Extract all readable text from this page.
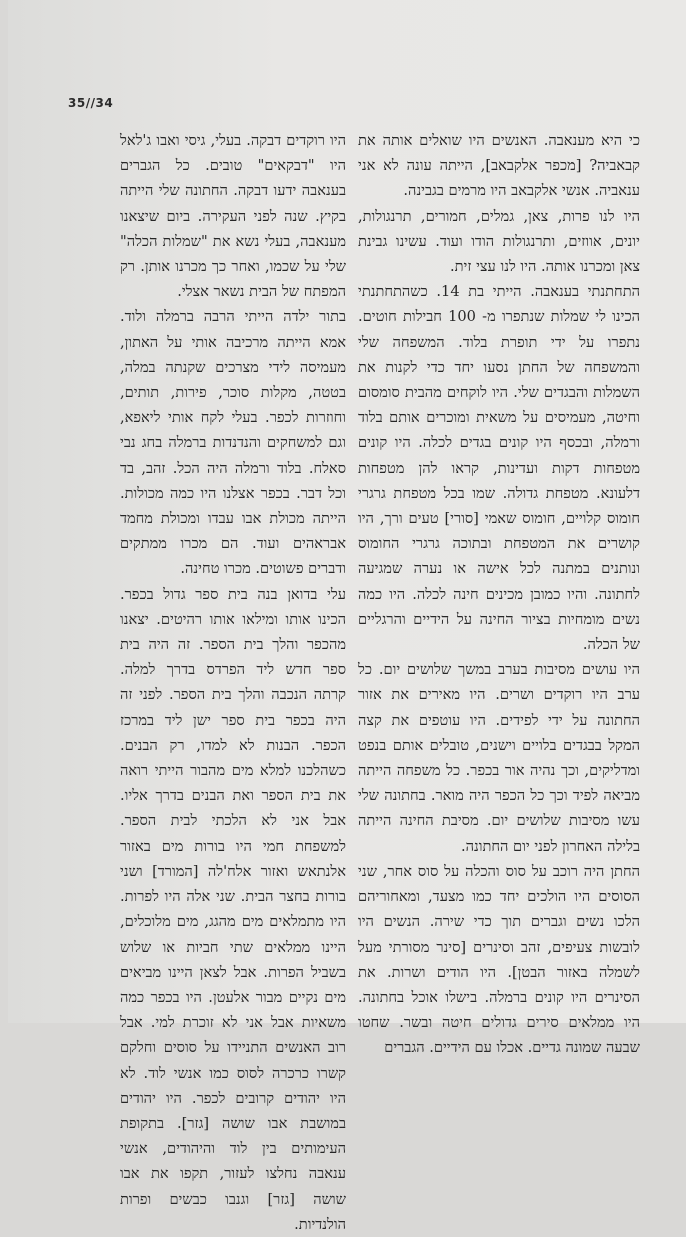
35//34

כי היא מענאבה. האנשים היו שואלים אותה את קבאביה? [מכפר אלקבאב], הייתה עונה לא אני ענאביה. אנשי אלקבאב היו מרמים בגבינה.

היו לנו פרות, צאן, גמלים, חמורים, תרנגולות, יונים, אווזים, ותרנגולות הודו ועוד. עשינו גבינת צאן ומכרנו אותה. היו לנו עצי זית.

התחתנתי בענאבה. הייתי בת 14. כשהתחתנתי הכינו לי שמלות שנתפרו מ- 100 חבילות חוטים. נתפרו על ידי תופרת בלוד. המשפחה שלי והמשפחה של החתן נסעו יחד כדי לקנות את השמלות והבגדים שלי. היו לוקחים מהבית סומסום וחיטה, מעמיסים על משאית ומוכרים אותם בלוד ורמלה, ובכסף היו קונים בגדים לכלה. היו קונים מטפחות דקות ועדינות, קראו להן מטפחות דלעונא. מטפחת גדולה. שמו בכל מטפחת גרגרי חומוס קלויים, חומוס שאמי [סורי] טעים ורך, היו קושרים את המטפחת ובתוכה גרגרי החומוס ונותנים במתנה לכל אישה או נערה שמגיעה לחתונה. והיו כמובן מכינים חינה לכלה. היו כמה נשים מומחיות בציור החינה על הידיים והרגליים של הכלה.

היו עושים מסיבות בערב במשך שלושים יום. כל ערב היו רוקדים ושרים. היו מאירים את אזור החתונה על ידי לפידים. היו עוטפים את קצה המקל בבגדים בלויים וישנים, טובלים אותם בנפט ומדליקים, וכך נהיה אור בכפר. כל משפחה הייתה מביאה לפיד וכך כל הכפר היה מואר. בחתונה שלי עשו מסיבות שלושים יום. מסיבת החינה הייתה בלילה האחרון לפני יום החתונה.

החתן היה רוכב על סוס והכלה על סוס אחר, שני הסוסים היו הולכים יחד כמו מצעד, ומאחוריהם הלכו נשים וגברים תוך כדי שירה. הנשים היו לובשות צעיפים, זהב וסינרים [סינר מסורתי מעל לשמלה באזור הבטן]. היו הודים ושרות. את הסינרים היו קונים ברמלה. בישלו אוכל בחתונה. היו ממלאים סירים גדולים חיטה ובשר. שחטו שבעה שמונה גדיים. אכלו עם הידיים. הגברים

היו רוקדים דבקה. בעלי, גיסי ואבו ג'לאל היו "דבקאים" טובים. כל הגברים בענאבה ידעו דבקה. החתונה שלי הייתה בקיץ. שנה לפני העקירה. ביום שיצאנו מענאבה, בעלי נשא את "שמלות הכלה" שלי על שכמו, ואחר כך מכרנו אותן. רק המפתח של הבית נשאר אצלי.

בתור ילדה הייתי הרבה ברמלה ולוד. אמא הייתה מרכיבה אותי על האתון, מעמיסה לידי מצרכים שקנתה במלה, בטטה, מקלות סוכר, פירות, תותים, וחוזרות לכפר. בעלי לקח אותי ליאפא, וגם למשחקים והנדנדות ברמלה בחג נבי סאלח. בלוד ורמלה היה הכל. זהב, בד וכל דבר. בכפר אצלנו היו כמה מכולות. הייתה מכולת אבו עבדו ומכולת מחמד אבראהים ועוד. הם מכרו ממתקים ודברים פשוטים. מכרו טחינה.

עלי בדואן בנה בית ספר גדול בכפר. הכינו אותו ומילאו אותו רהיטים. יצאנו מהכפר והלך בית הספר. זה היה בית ספר חדש ליד הפרדס בדרך למלה. קרתה הנכבה והלך בית הספר. לפני זה היה בכפר בית ספר ישן ליד במרכז הכפר. הבנות לא למדו, רק הבנים. כשהלכנו למלא מים מהבור הייתי רואה את בית הספר ואת הבנים בדרך אליו. אבל אני לא הלכתי לבית הספר. למשפחת חמי היו בורות מים באזור אלנתאש ואזור אלח'לה [המורד] ושני בורות בחצר הבית. שני אלה היו לפרות. היו מתמלאים מים מהגג, מים מלוכלים, היינו ממלאים שתי חביות או שלוש בשביל הפרות. אבל לצאן היינו מביאים מים נקיים מבור אלעטן. היו בכפר כמה משאיות אבל אני לא זוכרת למי. אבל רוב האנשים התניידו על סוסים וחלקם קשרו כרכרה לסוס כמו אנשי לוד. לא היו יהודים קרובים לכפר. היו יהודים במושבת אבו שושה [גזר]. בתקופת העימותים בין לוד והיהודים, אנשי ענאבה נחלצו לעזור, תקפו את אבו שושה [גזר] וגנבו כבשים ופרות הולנדיות.
